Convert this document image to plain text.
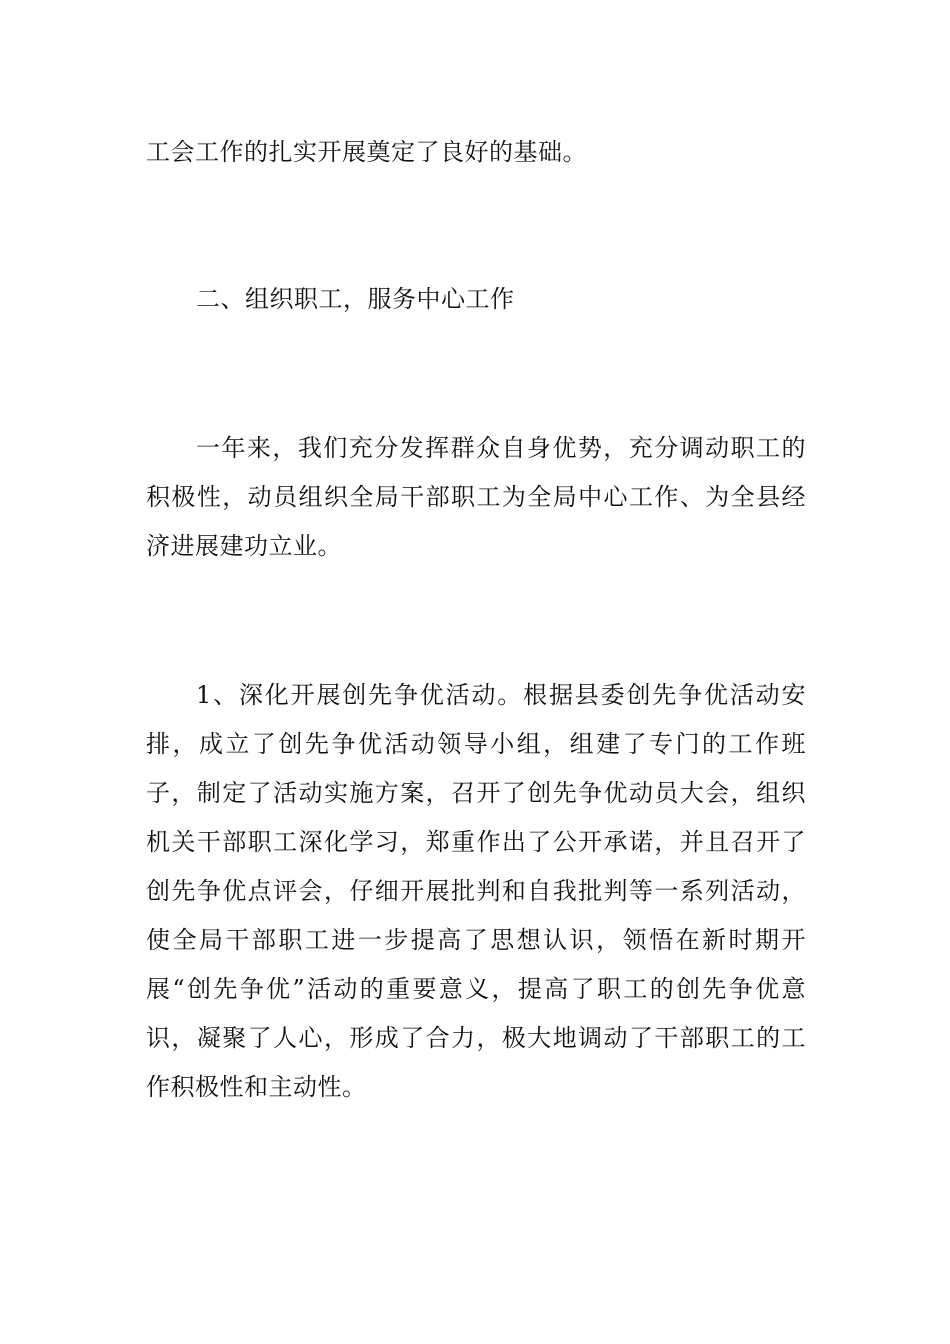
工会工作的扎实开展奠定了良好的基础。

二、组织职工，服务中心工作

一年来，我们充分发挥群众自身优势，充分调动职工的积极性，动员组织全局干部职工为全局中心工作、为全县经济进展建功立业。

1、深化开展创先争优活动。根据县委创先争优活动安排，成立了创先争优活动领导小组，组建了专门的工作班子，制定了活动实施方案，召开了创先争优动员大会，组织机关干部职工深化学习，郑重作出了公开承诺，并且召开了创先争优点评会，仔细开展批判和自我批判等一系列活动，使全局干部职工进一步提高了思想认识，领悟在新时期开展“创先争优”活动的重要意义，提高了职工的创先争优意识，凝聚了人心，形成了合力，极大地调动了干部职工的工作积极性和主动性。
